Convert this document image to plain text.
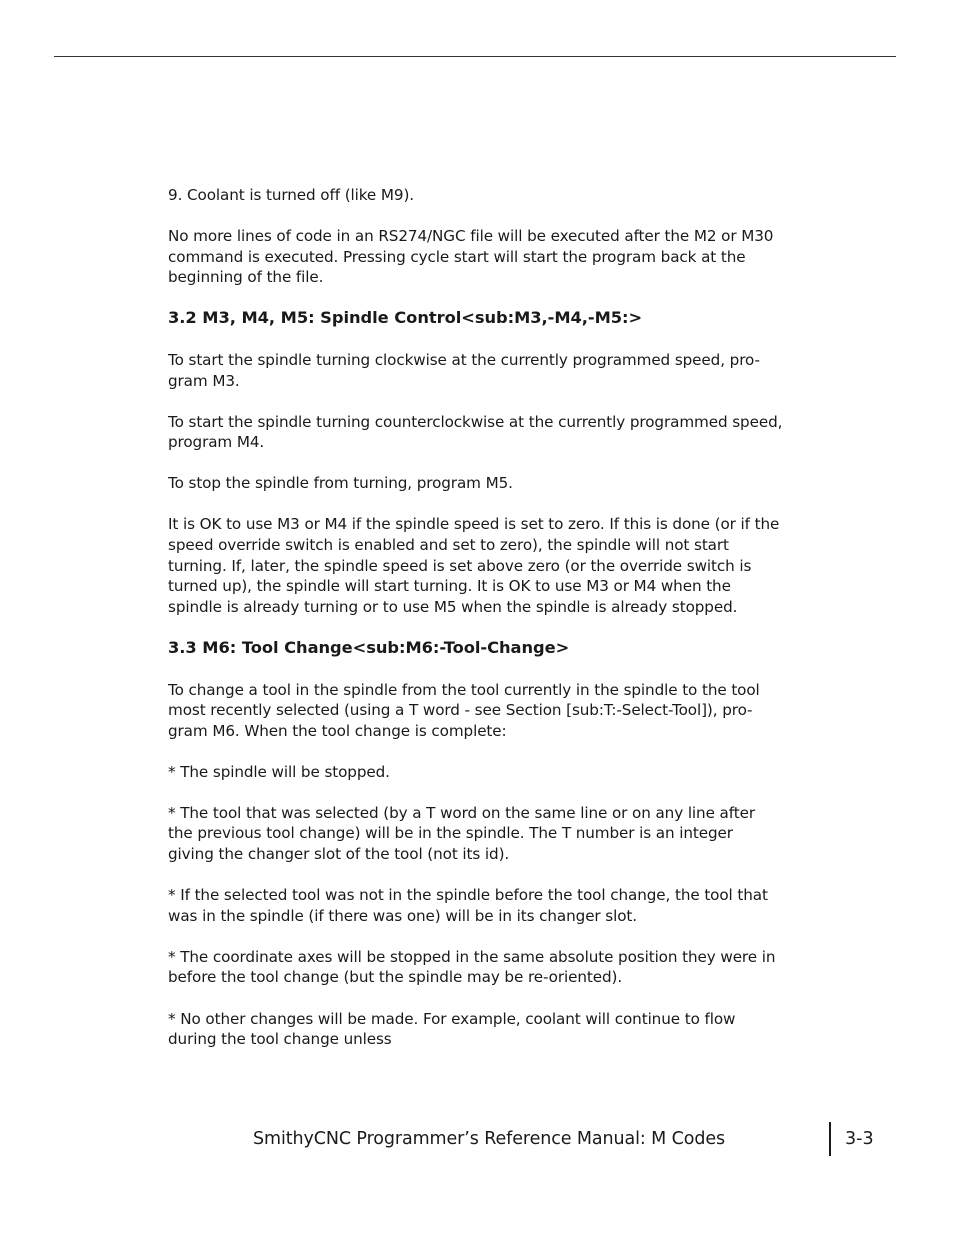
9. Coolant is turned off (like M9).

No more lines of code in an RS274/NGC file will be executed after the M2 or M30 command is executed. Pressing cycle start will start the program back at the beginning of the file.

3.2 M3, M4, M5: Spindle Control<sub:M3,-M4,-M5:>

To start the spindle turning clockwise at the currently programmed speed, pro-gram M3.

To start the spindle turning counterclockwise at the currently programmed speed, program M4.

To stop the spindle from turning, program M5.

It is OK to use M3 or M4 if the spindle speed is set to zero. If this is done (or if the speed override switch is enabled and set to zero), the spindle will not start turning. If, later, the spindle speed is set above zero (or the override switch is turned up), the spindle will start turning. It is OK to use M3 or M4 when the spindle is already turning or to use M5 when the spindle is already stopped.

3.3 M6: Tool Change<sub:M6:-Tool-Change>

To change a tool in the spindle from the tool currently in the spindle to the tool most recently selected (using a T word - see Section [sub:T:-Select-Tool]), pro-gram M6. When the tool change is complete:

* The spindle will be stopped.

* The tool that was selected (by a T word on the same line or on any line after the previous tool change) will be in the spindle. The T number is an integer giving the changer slot of the tool (not its id).

* If the selected tool was not in the spindle before the tool change, the tool that was in the spindle (if there was one) will be in its changer slot.

* The coordinate axes will be stopped in the same absolute position they were in before the tool change (but the spindle may be re-oriented).

* No other changes will be made. For example, coolant will continue to flow during the tool change unless

SmithyCNC Programmer’s Reference Manual: M Codes	3-3
